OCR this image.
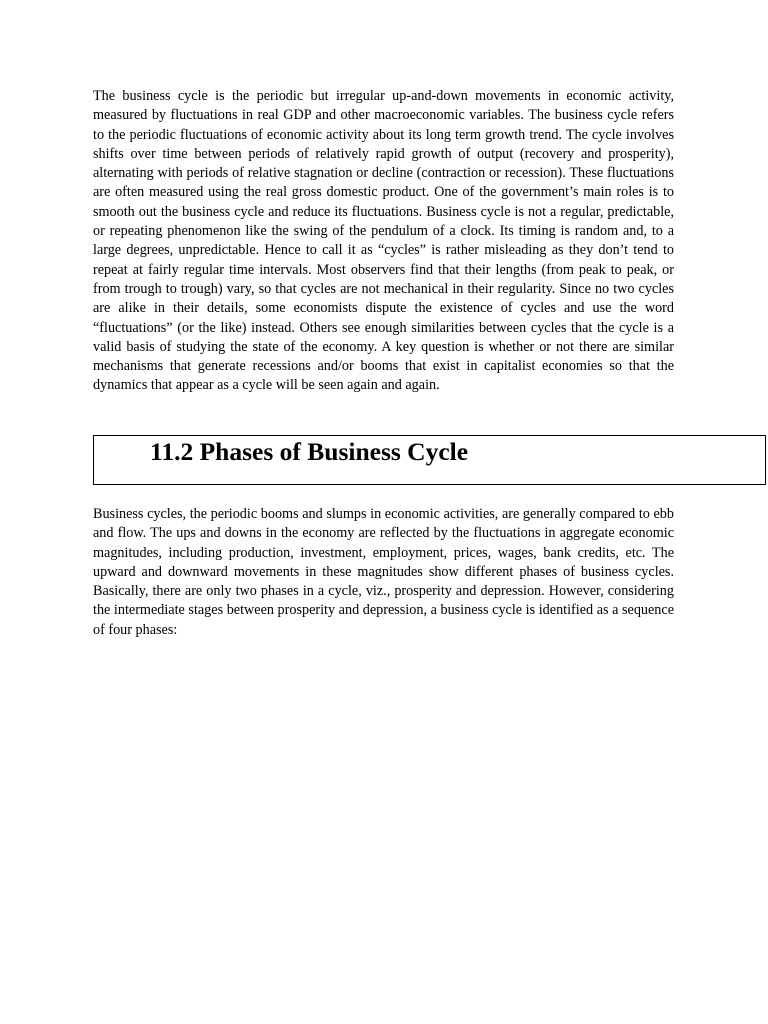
The business cycle is the periodic but irregular up-and-down movements in economic activity, measured by fluctuations in real GDP and other macroeconomic variables. The business cycle refers to the periodic fluctuations of economic activity about its long term growth trend. The cycle involves shifts over time between periods of relatively rapid growth of output (recovery and prosperity), alternating with periods of relative stagnation or decline (contraction or recession). These fluctuations are often measured using the real gross domestic product. One of the government’s main roles is to smooth out the business cycle and reduce its fluctuations. Business cycle is not a regular, predictable, or repeating phenomenon like the swing of the pendulum of a clock. Its timing is random and, to a large degrees, unpredictable. Hence to call it as “cycles” is rather misleading as they don’t tend to repeat at fairly regular time intervals. Most observers find that their lengths (from peak to peak, or from trough to trough) vary, so that cycles are not mechanical in their regularity. Since no two cycles are alike in their details, some economists dispute the existence of cycles and use the word “fluctuations” (or the like) instead. Others see enough similarities between cycles that the cycle is a valid basis of studying the state of the economy. A key question is whether or not there are similar mechanisms that generate recessions and/or booms that exist in capitalist economies so that the dynamics that appear as a cycle will be seen again and again.

11.2 Phases of Business Cycle

Business cycles, the periodic booms and slumps in economic activities, are generally compared to ebb and flow. The ups and downs in the economy are reflected by the fluctuations in aggregate economic magnitudes, including production, investment, employment, prices, wages, bank credits, etc. The upward and downward movements in these magnitudes show different phases of business cycles. Basically, there are only two phases in a cycle, viz., prosperity and depression. However, considering the intermediate stages between prosperity and depression, a business cycle is identified as a sequence of four phases:
